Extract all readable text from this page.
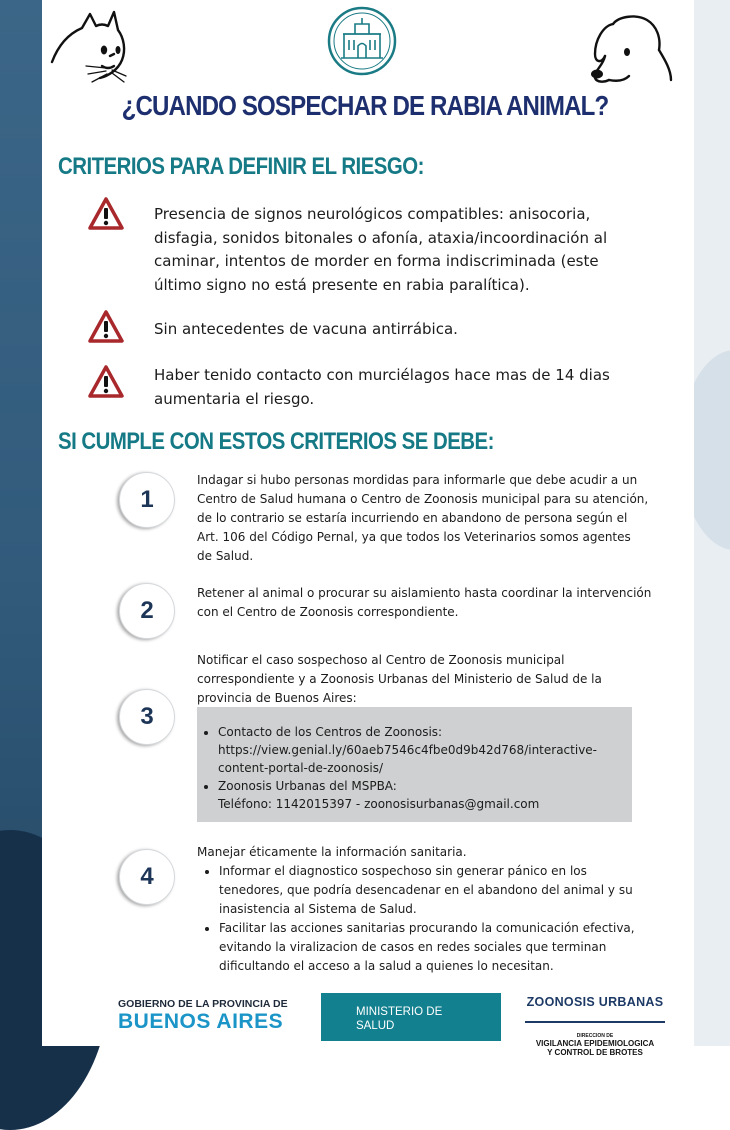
¿CUANDO SOSPECHAR DE RABIA ANIMAL?
CRITERIOS PARA DEFINIR EL RIESGO:
Presencia de signos neurológicos compatibles: anisocoria,
disfagia, sonidos bitonales o afonía, ataxia/incoordinación al
caminar, intentos de morder en forma indiscriminada (este
último signo no está presente en rabia paralítica).
Sin antecedentes de vacuna antirrábica.
Haber tenido contacto con murciélagos hace mas de 14 dias
aumentaria el riesgo.
SI CUMPLE CON ESTOS CRITERIOS SE DEBE:
1
Indagar si hubo personas mordidas para informarle que debe acudir a un
Centro de Salud humana o Centro de Zoonosis municipal para su atención,
de lo contrario se estaría incurriendo en abandono de persona según el
Art. 106 del Código Pernal, ya que todos los Veterinarios somos agentes
de Salud.
2
Retener al animal o procurar su aislamiento hasta coordinar la intervención
con el Centro de Zoonosis correspondiente.
3
Notificar el caso sospechoso al Centro de Zoonosis municipal
correspondiente y a Zoonosis Urbanas del Ministerio de Salud de la
provincia de Buenos Aires:
• Contacto de los Centros de Zoonosis:
https://view.genial.ly/60aeb7546c4fbe0d9b42d768/interactive-
content-portal-de-zoonosis/
• Zoonosis Urbanas del MSPBA:
Teléfono: 1142015397 - zoonosisurbanas@gmail.com
4
Manejar éticamente la información sanitaria.
• Informar el diagnostico sospechoso sin generar pánico en los
tenedores, que podría desencadenar en el abandono del animal y su
inasistencia al Sistema de Salud.
• Facilitar las acciones sanitarias procurando la comunicación efectiva,
evitando la viralizacion de casos en redes sociales que terminan
dificultando el acceso a la salud a quienes lo necesitan.
GOBIERNO DE LA PROVINCIA DE
BUENOS AIRES	MINISTERIO DE
SALUD
ZOONOSIS URBANAS
DIRECCION DE
VIGILANCIA EPIDEMIOLOGICA
Y CONTROL DE BROTES
